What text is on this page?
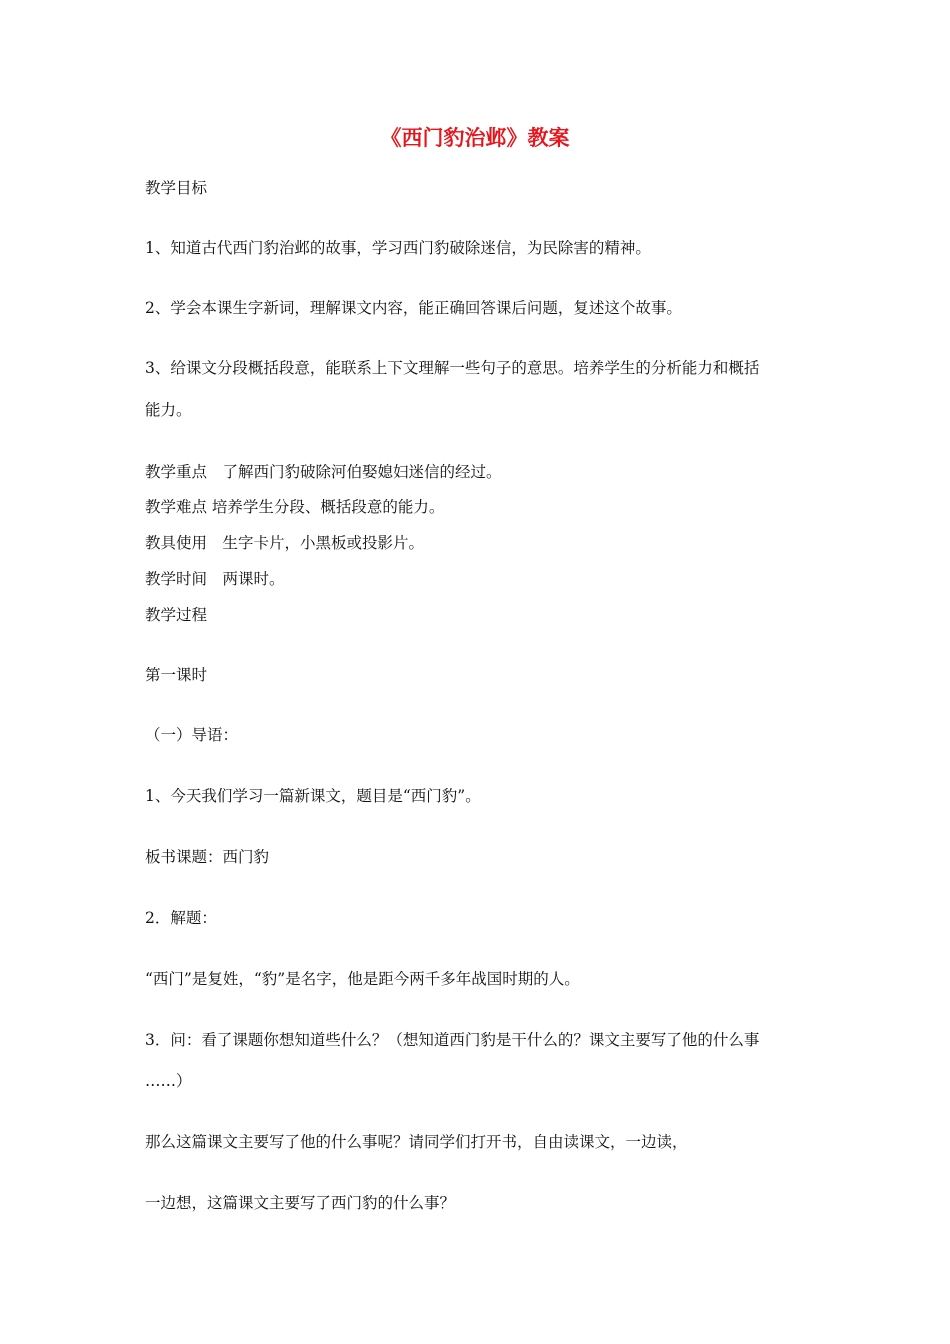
《西门豹治邺》教案
教学目标
1、知道古代西门豹治邺的故事，学习西门豹破除迷信，为民除害的精神。
2、学会本课生字新词，理解课文内容，能正确回答课后问题，复述这个故事。
3、给课文分段概括段意，能联系上下文理解一些句子的意思。培养学生的分析能力和概括
能力。
教学重点　了解西门豹破除河伯娶媳妇迷信的经过。
教学难点 培养学生分段、概括段意的能力。
教具使用　生字卡片，小黑板或投影片。
教学时间　两课时。
教学过程
第一课时
（一）导语：
1、今天我们学习一篇新课文，题目是“西门豹”。
板书课题：西门豹
2．解题：
“西门”是复姓，“豹”是名字，他是距今两千多年战国时期的人。
3．问：看了课题你想知道些什么？（想知道西门豹是干什么的？课文主要写了他的什么事
……）
那么这篇课文主要写了他的什么事呢？请同学们打开书，自由读课文，一边读，
一边想，这篇课文主要写了西门豹的什么事？
